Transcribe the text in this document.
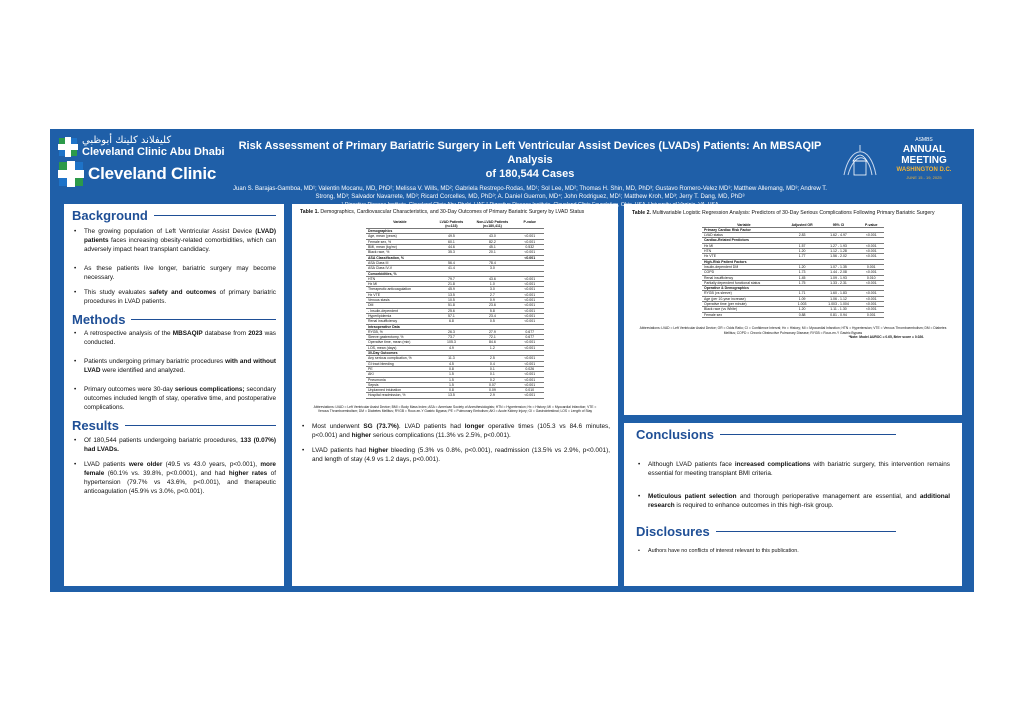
كليفلاند كلينك أبوظبي
Cleveland Clinic Abu Dhabi
Cleveland Clinic
Risk Assessment of Primary Bariatric Surgery in Left Ventricular Assist Devices (LVADs) Patients: An MBSAQIP Analysis
of 180,544 Cases
Juan S. Barajas-Gamboa, MD¹; Valentin Mocanu, MD, PhD²; Melissa V. Wills, MD²; Gabriela Restrepo-Rodas, MD¹; Sol Lee, MD²; Thomas H. Shin, MD, PhD³; Gustavo Romero-Velez MD³; Matthew Allemang, MD³; Andrew T. Strong, MD³; Salvador Navarrete, MD³; Ricard Corcelles, MD, PhD³; A. Daniel Guerron, MD⁴; John Rodriguez, MD¹; Matthew Kroh, MD³; Jerry T. Dang, MD, PhD³
ASMBS
ANNUAL MEETING
WASHINGTON D.C.
JUNE 15 - 19, 2025
Background
• The growing population of Left Ventricular Assist Device (LVAD) patients faces increasing obesity-related comorbidities, which can adversely impact heart transplant candidacy.
• As these patients live longer, bariatric surgery may become necessary.
• This study evaluates safety and outcomes of primary bariatric procedures in LVAD patients.
Methods
• A retrospective analysis of the MBSAQIP database from 2023 was conducted.
• Patients undergoing primary bariatric procedures with and without LVAD were identified and analyzed.
• Primary outcomes were 30-day serious complications; secondary outcomes included length of stay, operative time, and postoperative complications.
Results
• Of 180,544 patients undergoing bariatric procedures, 133 (0.07%) had LVADs.
• LVAD patients were older (49.5 vs 43.0 years, p<0.001), more female (60.1% vs. 39.8%, p<0.0001), and had higher rates of hypertension (79.7% vs 43.6%, p<0.001), and therapeutic anticoagulation (45.9% vs 3.0%, p<0.001).
Table 1. Demographics, Cardiovascular Characteristics, and 30-Day Outcomes of Primary Bariatric Surgery by LVAD Status
Variable	LVAD Patients (n=133)	Non-LVAD Patients (n=180,411)	P-value
Demographics			
Age, mean (years)	49.5	43.0	<0.001
Female sex, %	60.1	82.2	<0.001
BMI, mean (kg/m²)	44.6	45.1	0.532
Black race, %	35.3	20.1	<0.001
ASA Classification, %			<0.001
ASA Class III	56.4	78.4	
ASA Class IV-V	41.4	3.0	
Comorbidities, %			
HTN	79.7	43.6	<0.001
Hx MI	21.8	1.0	<0.001
Therapeutic anticoagulation	45.9	3.0	<0.001
Hx VTE	13.5	2.7	<0.001
Venous stasis	10.5	0.9	<0.001
DM	51.8	23.6	<0.001
- Insulin-dependent	25.6	5.8	<0.001
Hyperlipidemia	57.1	23.4	<0.001
Renal insufficiency	6.8	0.5	<0.001
Intraoperative Data			
RYGB, %	26.3	27.9	0.677
Sleeve gastrectomy, %	73.7	72.1	0.677
Operative time, mean (min)	105.3	84.6	<0.001
LOS, mean (days)	4.9	1.2	<0.001
30-Day Outcomes			
Any serious complication, %	11.3	2.5	<0.001
GI tract bleeding	4.5	0.4	<0.001
PE	0.8	0.1	0.026
AKI	1.5	0.1	<0.001
Pneumonia	1.5	0.2	<0.001
Sepsis	1.5	0.07	<0.001
Unplanned intubation	0.8	0.09	0.010
Hospital readmission, %	13.5	2.9	<0.001
Abbreviations: LVAD = Left Ventricular Assist Device; BMI = Body Mass Index; ASA = American Society of Anesthesiologists; HTN = Hypertension; Hx = History; MI = Myocardial Infarction; VTE = Venous Thromboembolism; DM = Diabetes Mellitus; RYGB = Roux-en-Y Gastric Bypass; PE = Pulmonary Embolism; AKI = Acute Kidney Injury; GI = Gastrointestinal; LOS = Length of Stay
• Most underwent SG (73.7%). LVAD patients had longer operative times (105.3 vs 84.6 minutes, p<0.001) and higher serious complications (11.3% vs 2.5%, p<0.001).
• LVAD patients had higher bleeding (5.3% vs 0.8%, p<0.001), readmission (13.5% vs 2.9%, p<0.001), and length of stay (4.9 vs 1.2 days, p<0.001).
Table 2. Multivariable Logistic Regression Analysis: Predictors of 30-Day Serious Complications Following Primary Bariatric Surgery
Variable	Adjusted OR	95% CI	P-value
Primary Cardiac Risk Factor			
LVAD status	2.83	1.62 - 4.97	<0.001
Cardiac-Related Predictors			
Hx MI	1.57	1.27 - 1.93	<0.001
HTN	1.20	1.12 - 1.28	<0.001
Hx VTE	1.77	1.56 - 2.02	<0.001
High-Risk Patient Factors			
Insulin-dependent DM	1.20	1.07 - 1.35	0.001
COPD	1.73	1.44 - 2.08	<0.001
Renal insufficiency	1.45	1.09 - 1.93	0.010
Partially dependent functional status	1.75	1.33 - 2.31	<0.001
Operative & Demographics			
RYGB (vs sleeve)	1.71	1.60 - 1.83	<0.001
Age (per 10-year increase)	1.09	1.06 - 1.12	<0.001
Operative time (per minute)	1.003	1.003 - 1.004	<0.001
Black race (vs White)	1.20	1.11 - 1.30	<0.001
Female sex	0.88	0.81 - 0.94	0.001
Abbreviations: LVAD = Left Ventricular Assist Device; OR = Odds Ratio; CI = Confidence Interval; Hx = History; MI = Myocardial Infarction; HTN = Hypertension; VTE = Venous Thromboembolism; DM = Diabetes Mellitus; COPD = Chronic Obstructive Pulmonary Disease; RYGB = Roux-en-Y Gastric Bypass
*Note: Model AUROC = 0.65, Brier score = 0.026.
Conclusions
• Although LVAD patients face increased complications with bariatric surgery, this intervention remains essential for meeting transplant BMI criteria.
• Meticulous patient selection and thorough perioperative management are essential, and additional research is required to enhance outcomes in this high-risk group.
Disclosures
• Authors have no conflicts of interest relevant to this publication.
